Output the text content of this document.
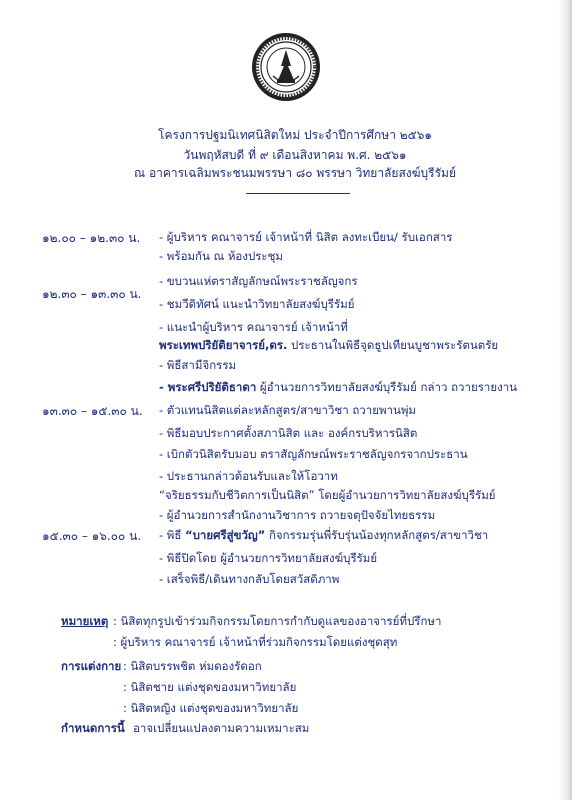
โครงการปฐมนิเทศนิสิตใหม่ ประจำปีการศึกษา ๒๕๖๑
วันพฤหัสบดี ที่ ๙ เดือนสิงหาคม พ.ศ. ๒๕๖๑
ณ อาคารเฉลิมพระชนมพรรษา ๘๐ พรรษา วิทยาลัยสงฆ์บุรีรัมย์
๑๒.๐๐ – ๑๒.๓๐ น.
๑๒.๓๐ – ๑๓.๓๐ น.
๑๓.๓๐ – ๑๕.๓๐ น.
๑๕.๓๐ – ๑๖.๐๐ น.
- ผู้บริหาร คณาจารย์ เจ้าหน้าที่ นิสิต ลงทะเบียน/ รับเอกสาร
- พร้อมกัน ณ ห้องประชุม
- ขบวนแห่ตราสัญลักษณ์พระราชลัญจกร
- ชมวีดิทัศน์ แนะนำวิทยาลัยสงฆ์บุรีรัมย์
- แนะนำผู้บริหาร คณาจารย์ เจ้าหน้าที่
พระเทพปริยัติยาจารย์,ดร. ประธานในพิธีจุดธูปเทียนบูชาพระรัตนตรัย
- พิธีสามีจิกรรม
- พระศรีปริยัติธาดา ผู้อำนวยการวิทยาลัยสงฆ์บุรีรัมย์ กล่าว ถวายรายงาน
- ตัวแทนนิสิตแต่ละหลักสูตร/สาขาวิชา ถวายพานพุ่ม
- พิธีมอบประกาศตั้งสภานิสิต และ องค์กรบริหารนิสิต
- เบิกตัวนิสิตรับมอบ ตราสัญลักษณ์พระราชลัญจกรจากประธาน
- ประธานกล่าวต้อนรับและให้โอวาท
“จริยธรรมกับชีวิตการเป็นนิสิต” โดยผู้อำนวยการวิทยาลัยสงฆ์บุรีรัมย์
- ผู้อำนวยการสำนักงานวิชาการ ถวายจตุปัจจัยไทยธรรม
- พิธี “บายศรีสู่ขวัญ” กิจกรรมรุ่นพี่รับรุ่นน้องทุกหลักสูตร/สาขาวิชา
- พิธีปิดโดย ผู้อำนวยการวิทยาลัยสงฆ์บุรีรัมย์
- เสร็จพิธี/เดินทางกลับโดยสวัสดิภาพ
หมายเหตุ : นิสิตทุกรูปเข้าร่วมกิจกรรมโดยการกำกับดูแลของอาจารย์ที่ปรึกษา
: ผู้บริหาร คณาจารย์ เจ้าหน้าที่ร่วมกิจกรรมโดยแต่งชุดสุท
การแต่งกาย : นิสิตบรรพชิต ห่มดองรัดอก
: นิสิตชาย แต่งชุดของมหาวิทยาลัย
: นิสิตหญิง แต่งชุดของมหาวิทยาลัย
กำหนดการนี้ อาจเปลี่ยนแปลงตามความเหมาะสม
